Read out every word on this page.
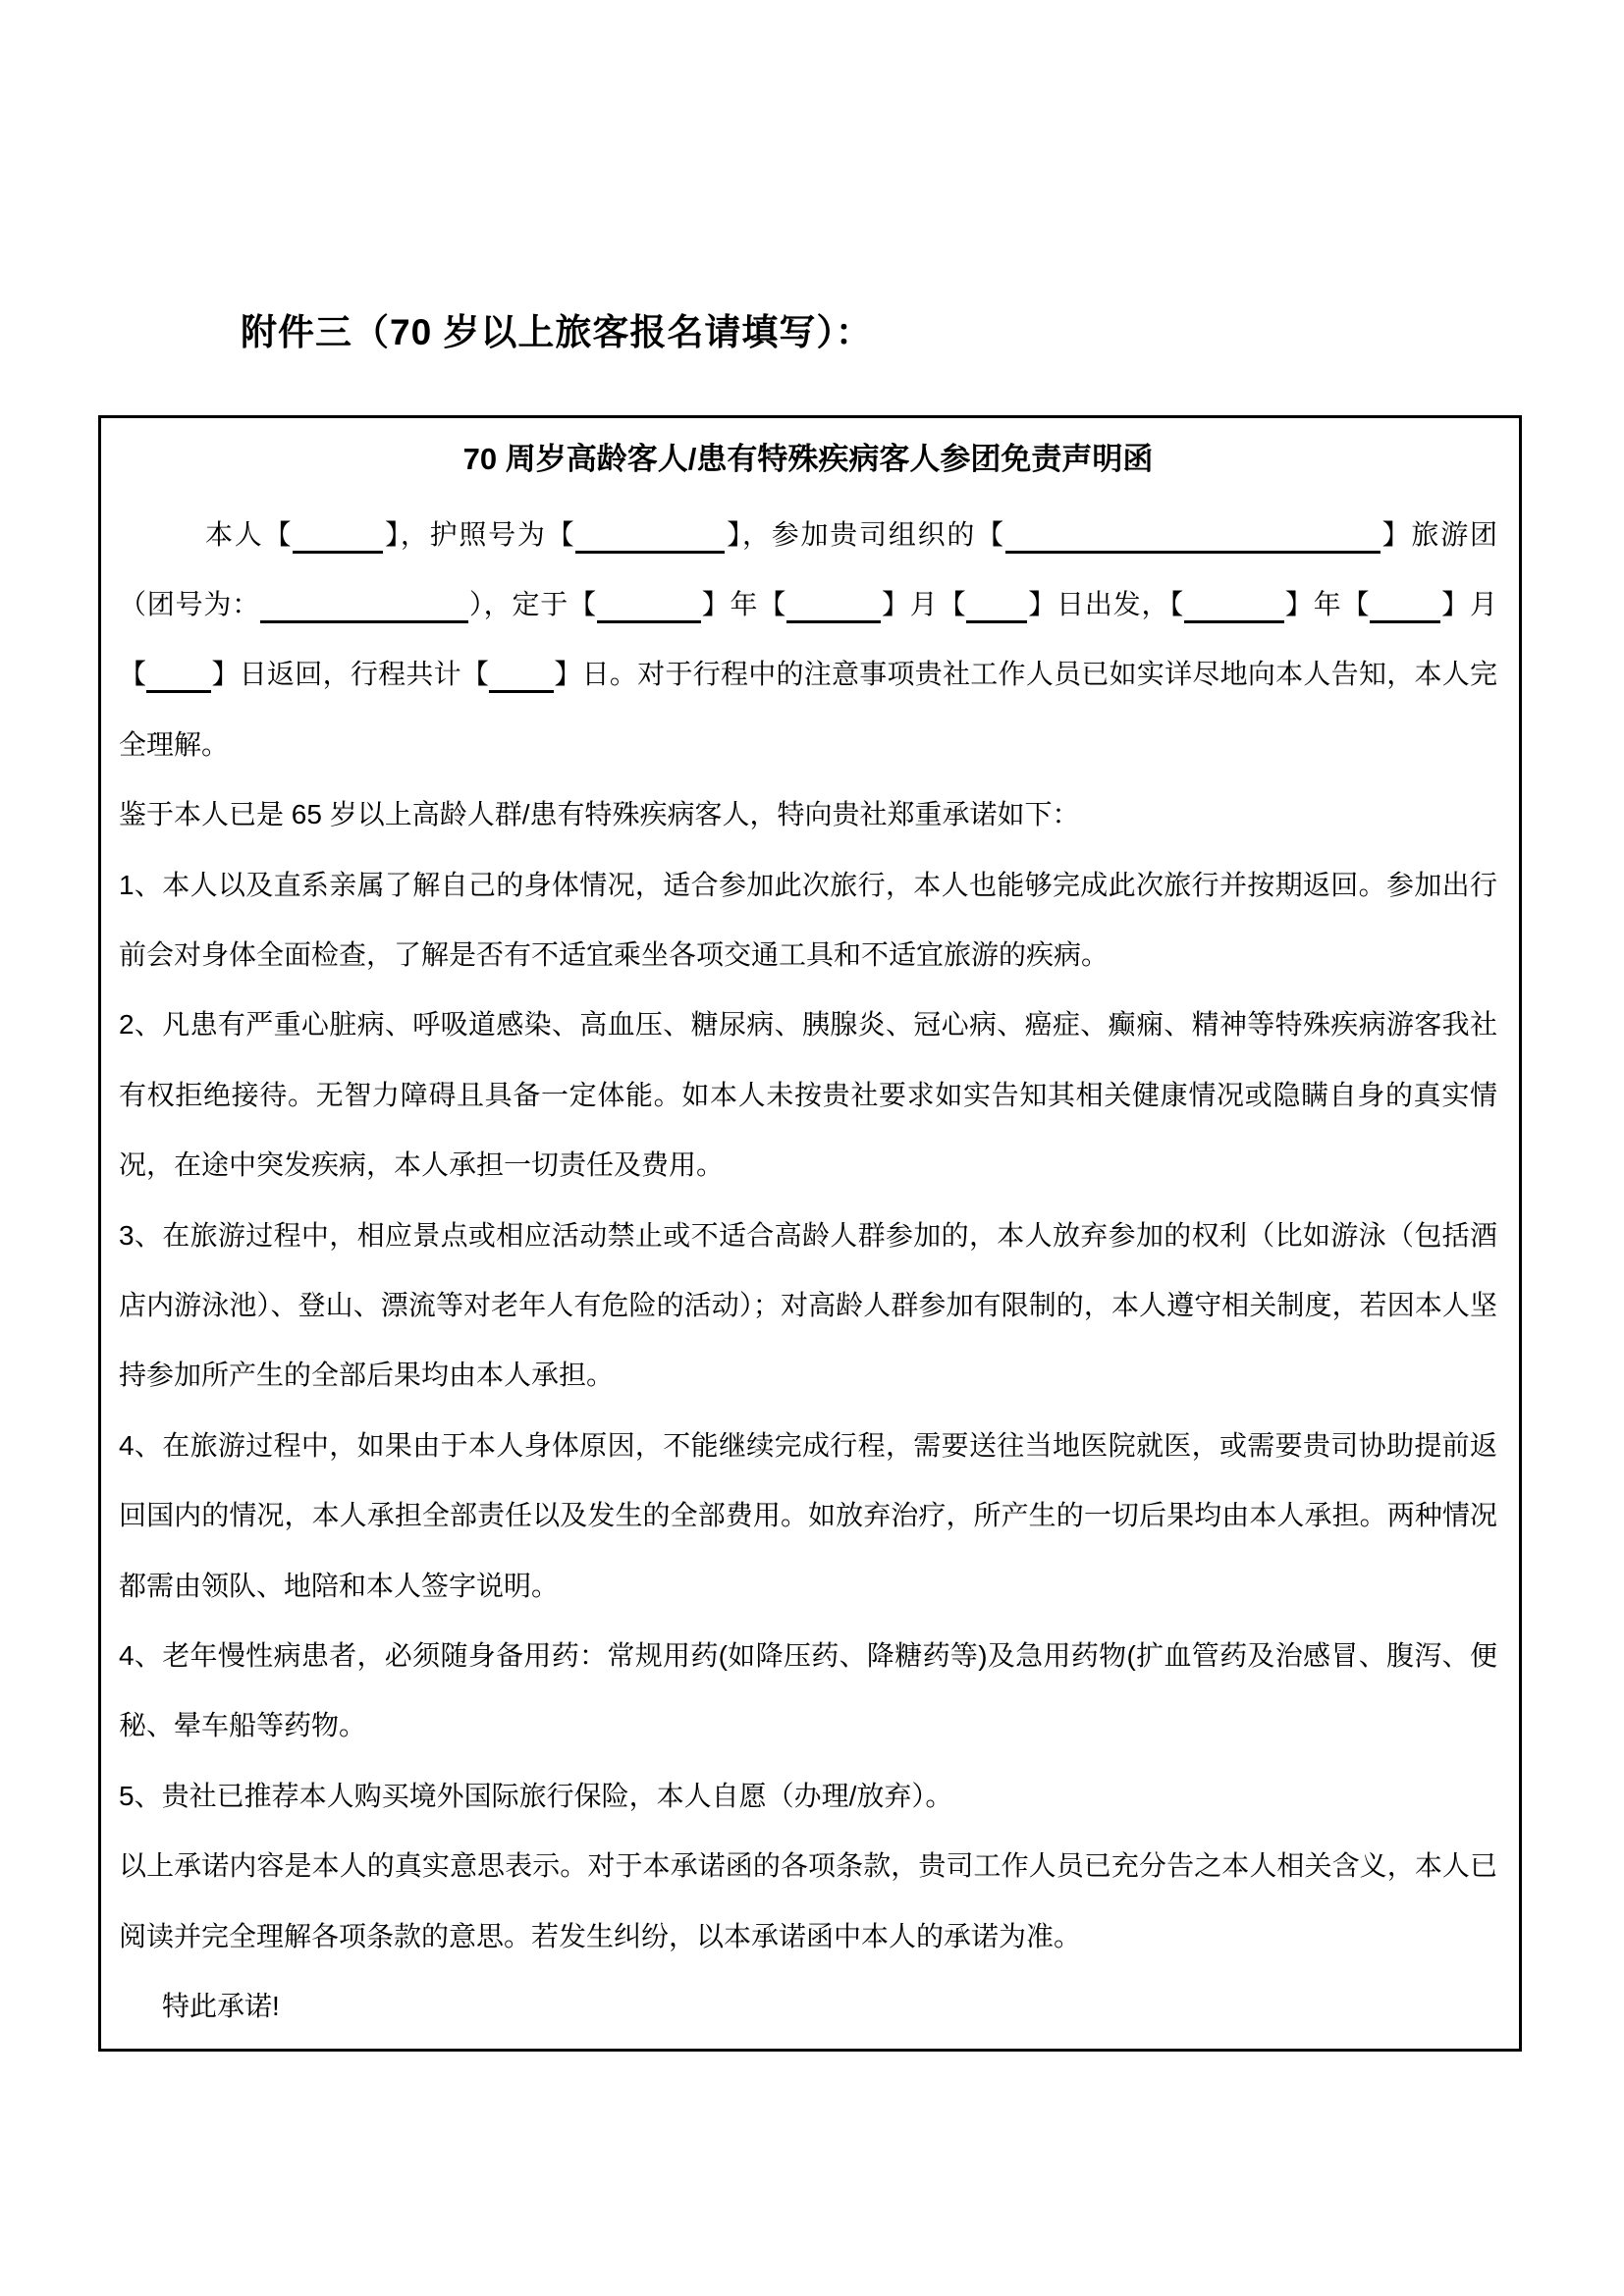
附件三（70 岁以上旅客报名请填写）：
70 周岁高龄客人/患有特殊疾病客人参团免责声明函

本人【	】，护照号为【	】，参加贵司组织的【	】旅游团（团号为：	），定于【	】年【	】月【 】日出发，【	】年【	】月【 】日返回，行程共计【 】日。对于行程中的注意事项贵社工作人员已如实详尽地向本人告知，本人完全理解。

鉴于本人已是 65 岁以上高龄人群/患有特殊疾病客人，特向贵社郑重承诺如下：

1、本人以及直系亲属了解自己的身体情况，适合参加此次旅行，本人也能够完成此次旅行并按期返回。参加出行前会对身体全面检查，了解是否有不适宜乘坐各项交通工具和不适宜旅游的疾病。

2、凡患有严重心脏病、呼吸道感染、高血压、糖尿病、胰腺炎、冠心病、癌症、癫痫、精神等特殊疾病游客我社有权拒绝接待。无智力障碍且具备一定体能。如本人未按贵社要求如实告知其相关健康情况或隐瞒自身的真实情况，在途中突发疾病，本人承担一切责任及费用。

3、在旅游过程中，相应景点或相应活动禁止或不适合高龄人群参加的，本人放弃参加的权利（比如游泳（包括酒店内游泳池）、登山、漂流等对老年人有危险的活动）；对高龄人群参加有限制的，本人遵守相关制度，若因本人坚持参加所产生的全部后果均由本人承担。

4、在旅游过程中，如果由于本人身体原因，不能继续完成行程，需要送往当地医院就医，或需要贵司协助提前返回国内的情况，本人承担全部责任以及发生的全部费用。如放弃治疗，所产生的一切后果均由本人承担。两种情况都需由领队、地陪和本人签字说明。

4、老年慢性病患者，必须随身备用药：常规用药(如降压药、降糖药等)及急用药物(扩血管药及治感冒、腹泻、便秘、晕车船等药物。

5、贵社已推荐本人购买境外国际旅行保险，本人自愿（办理/放弃）。

以上承诺内容是本人的真实意思表示。对于本承诺函的各项条款，贵司工作人员已充分告之本人相关含义，本人已阅读并完全理解各项条款的意思。若发生纠纷，以本承诺函中本人的承诺为准。

特此承诺!
